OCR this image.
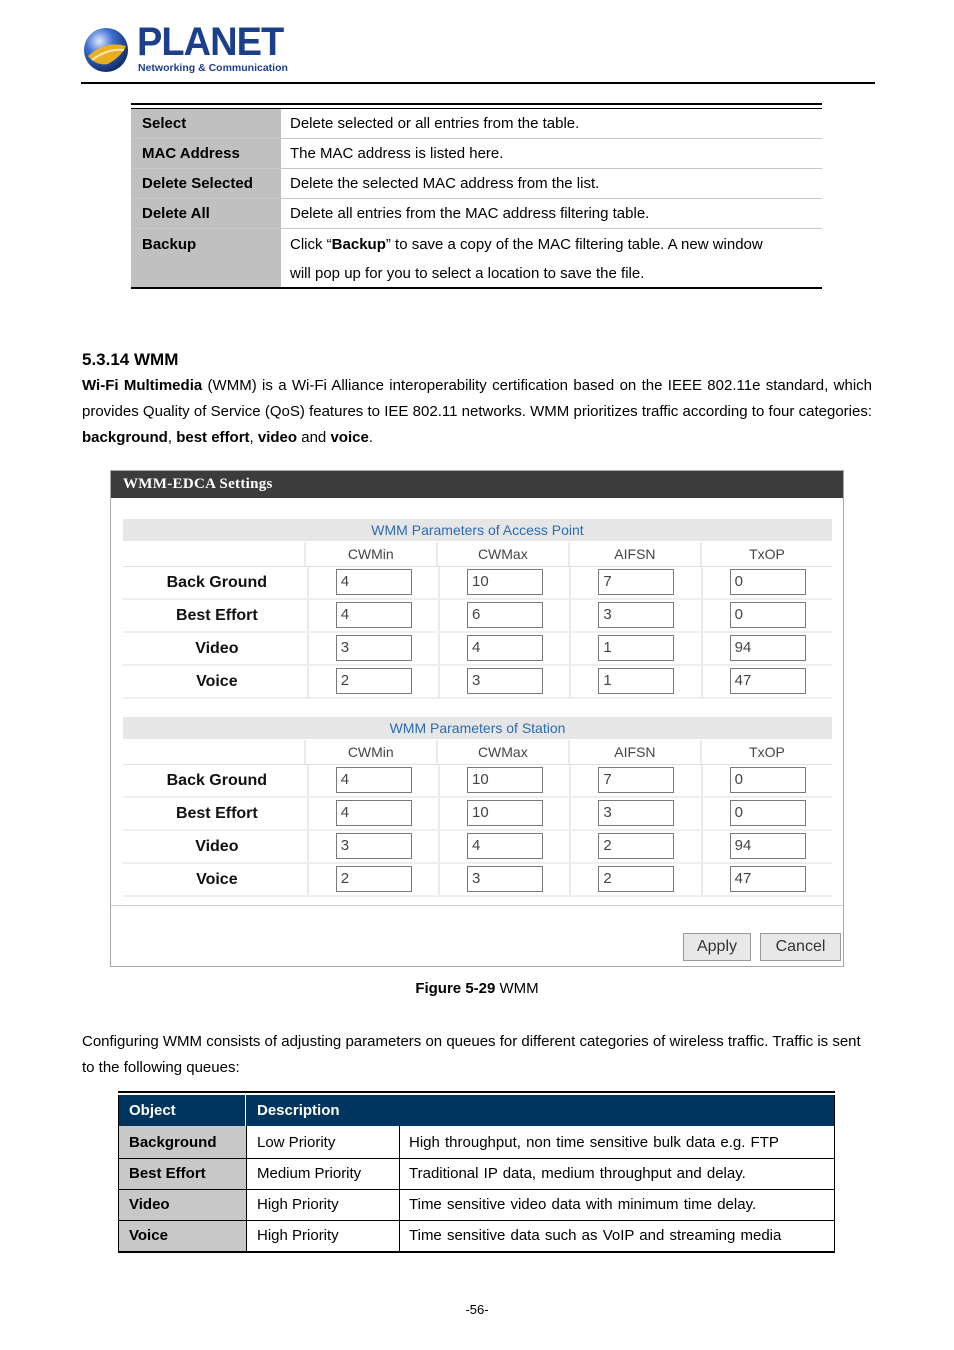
PLANET
Networking & Communication
Select	Delete selected or all entries from the table.
MAC Address	The MAC address is listed here.
Delete Selected	Delete the selected MAC address from the list.
Delete All	Delete all entries from the MAC address filtering table.
Backup	Click “Backup” to save a copy of the MAC filtering table. A new window
will pop up for you to select a location to save the file.
5.3.14 WMM
Wi-Fi Multimedia (WMM) is a Wi-Fi Alliance interoperability certification based on the IEEE 802.11e standard, which provides Quality of Service (QoS) features to IEE 802.11 networks. WMM prioritizes traffic according to four categories: background, best effort, video and voice.
WMM-EDCA Settings
WMM Parameters of Access Point
CWMin	CWMax	AIFSN	TxOP
Back Ground	4	10	7	0
Best Effort	4	6	3	0
Video	3	4	1	94
Voice	2	3	1	47
WMM Parameters of Station
CWMin	CWMax	AIFSN	TxOP
Back Ground	4	10	7	0
Best Effort	4	10	3	0
Video	3	4	2	94
Voice	2	3	2	47
Apply	Cancel
Figure 5-29 WMM
Configuring WMM consists of adjusting parameters on queues for different categories of wireless traffic. Traffic is sent to the following queues:
Object	Description
Background	Low Priority	High throughput, non time sensitive bulk data e.g. FTP
Best Effort	Medium Priority	Traditional IP data, medium throughput and delay.
Video	High Priority	Time sensitive video data with minimum time delay.
Voice	High Priority	Time sensitive data such as VoIP and streaming media
-56-
